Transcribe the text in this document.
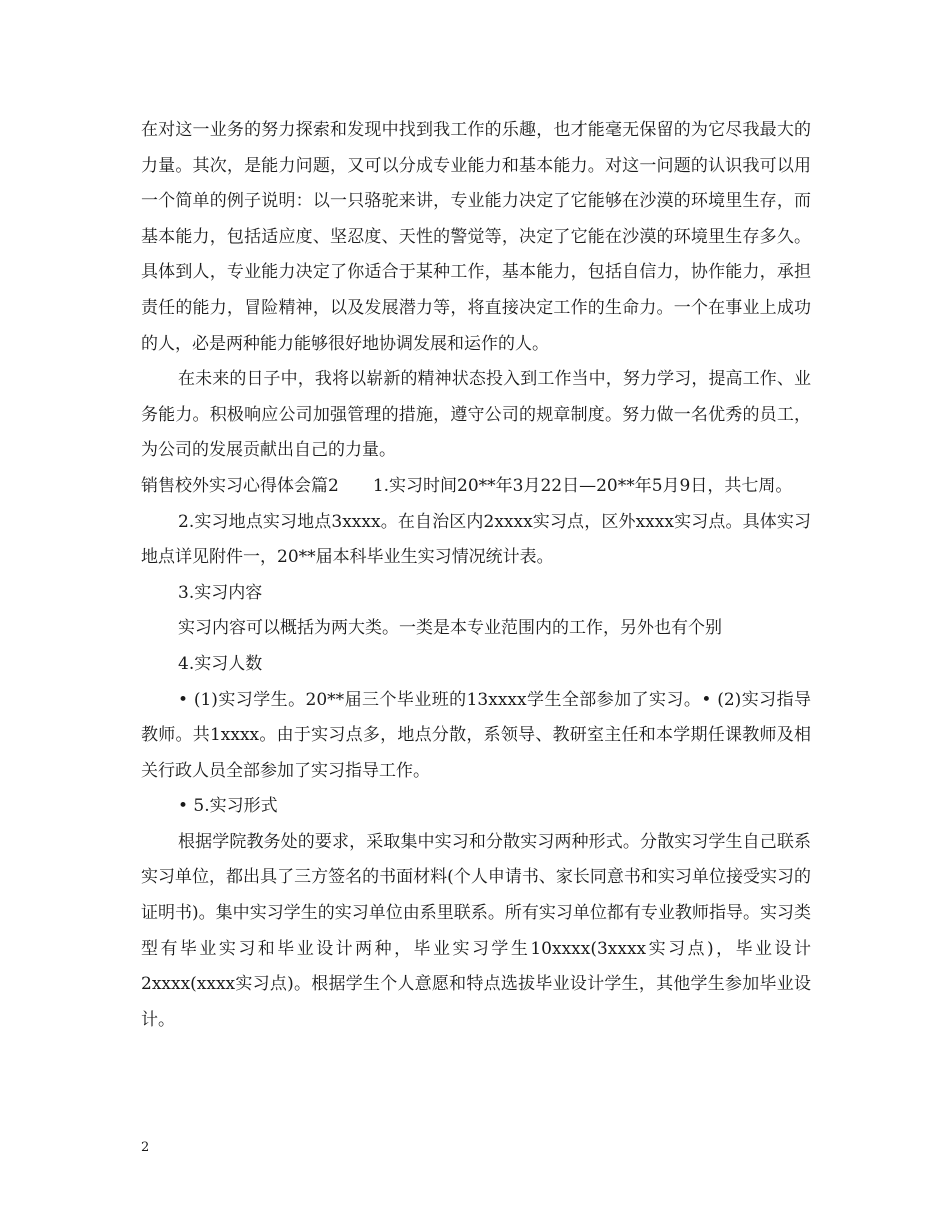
在对这一业务的努力探索和发现中找到我工作的乐趣，也才能毫无保留的为它尽我最大的力量。其次，是能力问题，又可以分成专业能力和基本能力。对这一问题的认识我可以用一个简单的例子说明：以一只骆驼来讲，专业能力决定了它能够在沙漠的环境里生存，而基本能力，包括适应度、坚忍度、天性的警觉等，决定了它能在沙漠的环境里生存多久。具体到人，专业能力决定了你适合于某种工作，基本能力，包括自信力，协作能力，承担责任的能力，冒险精神，以及发展潜力等，将直接决定工作的生命力。一个在事业上成功的人，必是两种能力能够很好地协调发展和运作的人。

在未来的日子中，我将以崭新的精神状态投入到工作当中，努力学习，提高工作、业务能力。积极响应公司加强管理的措施，遵守公司的规章制度。努力做一名优秀的员工，为公司的发展贡献出自己的力量。

销售校外实习心得体会篇2　　1.实习时间20**年3月22日—20**年5月9日，共七周。

2.实习地点实习地点3xxxx。在自治区内2xxxx实习点，区外xxxx实习点。具体实习地点详见附件一，20**届本科毕业生实习情况统计表。

3.实习内容

实习内容可以概括为两大类。一类是本专业范围内的工作，另外也有个别

4.实习人数

• (1)实习学生。20**届三个毕业班的13xxxx学生全部参加了实习。• (2)实习指导教师。共1xxxx。由于实习点多，地点分散，系领导、教研室主任和本学期任课教师及相关行政人员全部参加了实习指导工作。

• 5.实习形式

根据学院教务处的要求，采取集中实习和分散实习两种形式。分散实习学生自己联系实习单位，都出具了三方签名的书面材料(个人申请书、家长同意书和实习单位接受实习的证明书)。集中实习学生的实习单位由系里联系。所有实习单位都有专业教师指导。实习类型有毕业实习和毕业设计两种，毕业实习学生10xxxx(3xxxx实习点)，毕业设计2xxxx(xxxx实习点)。根据学生个人意愿和特点选拔毕业设计学生，其他学生参加毕业设计。

2
